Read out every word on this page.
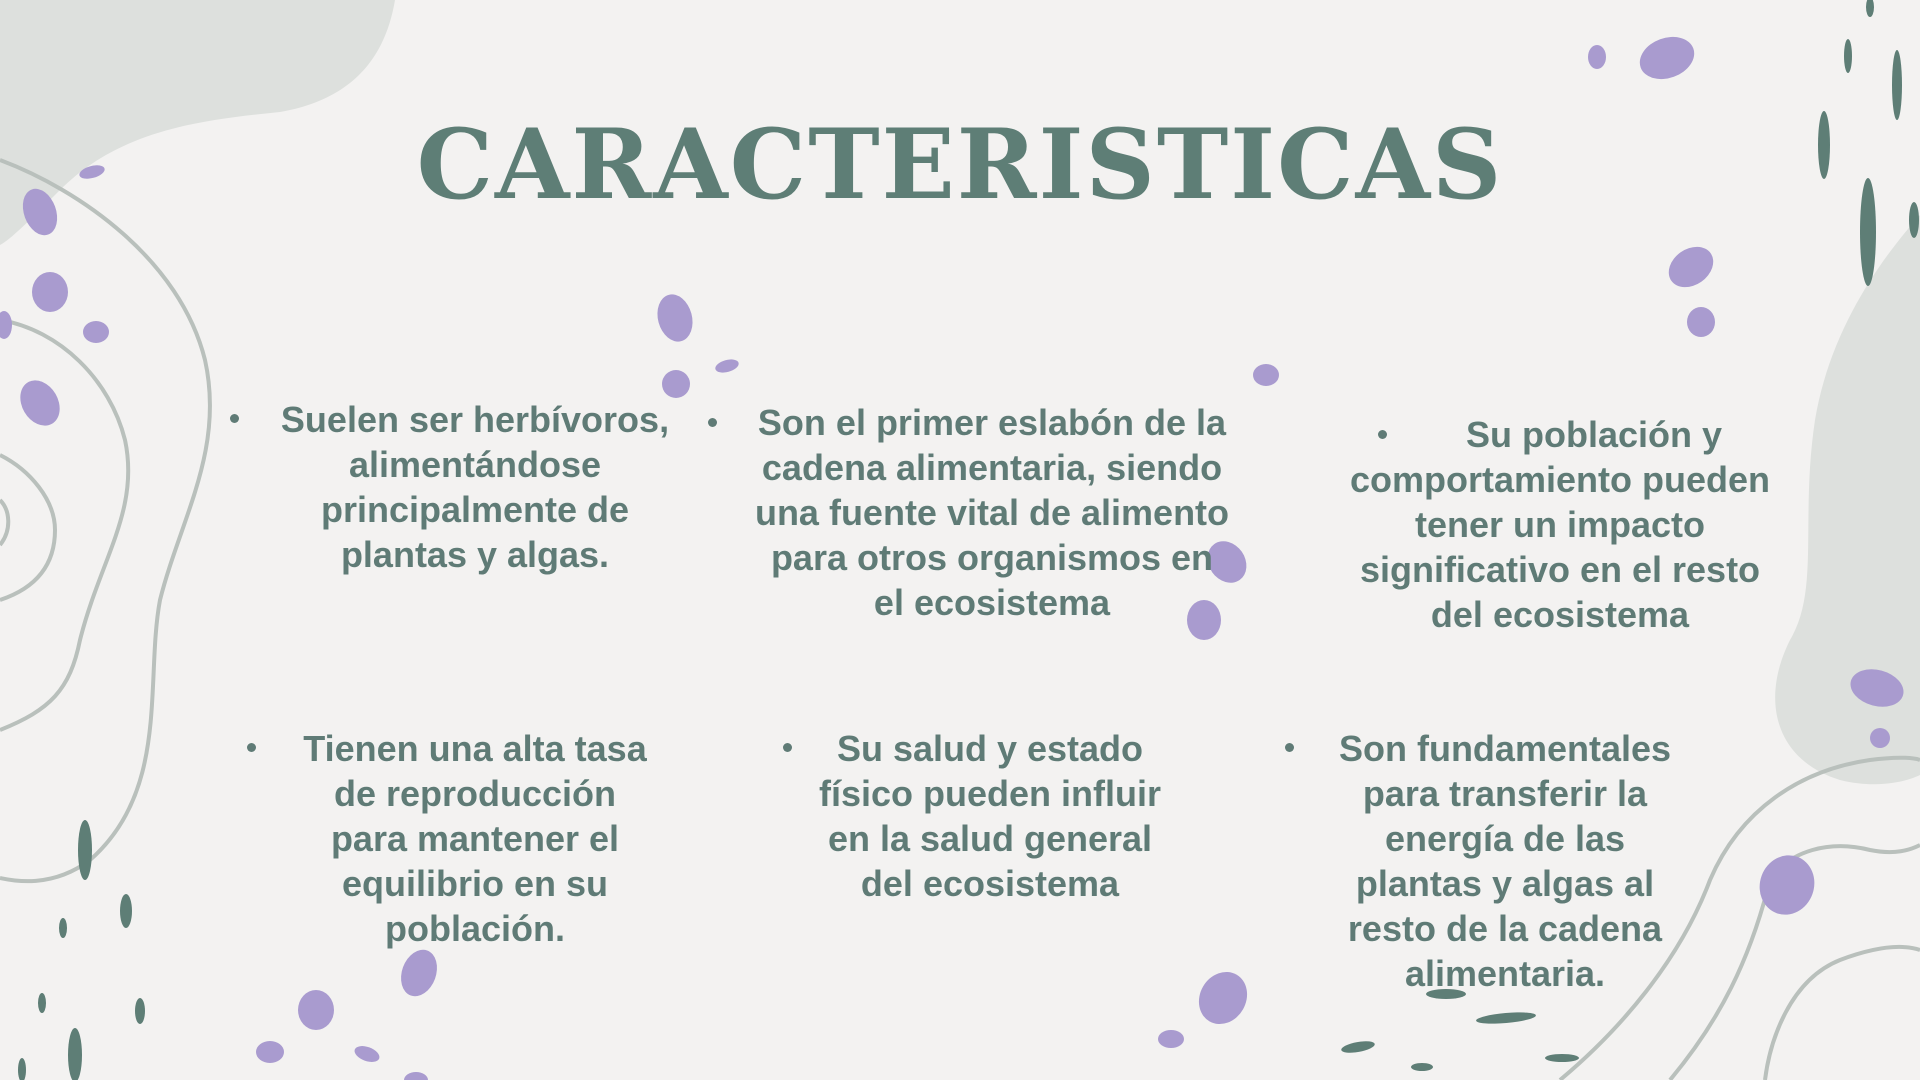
CARACTERISTICAS
Suelen ser herbívoros, alimentándose principalmente de plantas y algas.
Son el primer eslabón de la cadena alimentaria, siendo una fuente vital de alimento para otros organismos en el ecosistema
Su población y comportamiento pueden tener un impacto significativo en el resto del ecosistema
Tienen una alta tasa de reproducción para mantener el equilibrio en su población.
Su salud y estado físico pueden influir en la salud general del ecosistema
Son fundamentales para transferir la energía de las plantas y algas al resto de la cadena alimentaria.
